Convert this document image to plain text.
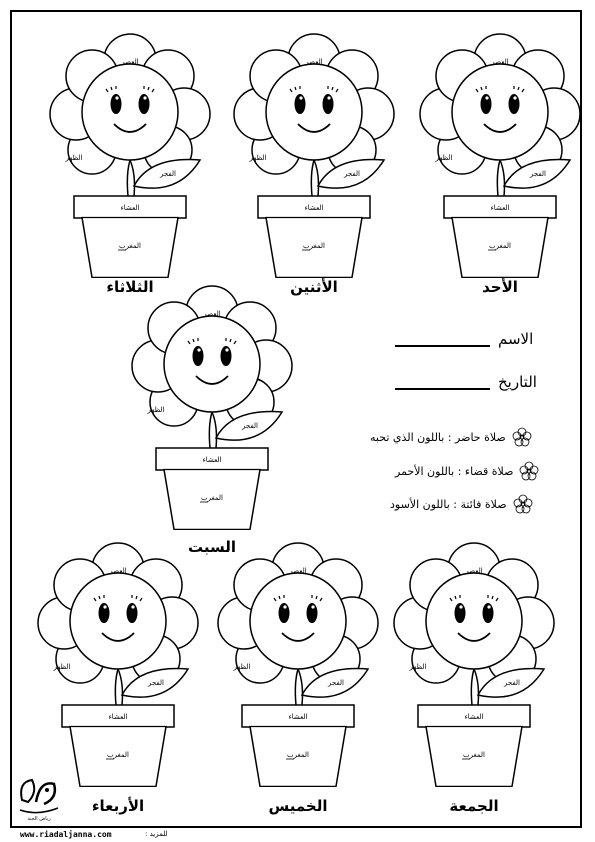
العصر
الظهر
الفجر
العشاء
المغرب
العصر
الظهر
الفجر
العشاء
المغرب
العصر
الظهر
الفجر
العشاء
المغرب
العصر
الظهر
الفجر
العشاء
المغرب
العصر
الظهر
الفجر
العشاء
المغرب
العصر
الظهر
الفجر
العشاء
المغرب
العصر
الظهر
الفجر
العشاء
المغرب
الأحد
الأثنين
الثلاثاء
السبت
الجمعة
الخميس
الأربعاء
الاسم
التاريخ
صلاة حاضر : باللون الذي تحبه
صلاة قضاء : باللون الأحمر
صلاة فائتة : باللون الأسود
رياض الجنة
www.riadaljanna.com	للمزيد :
